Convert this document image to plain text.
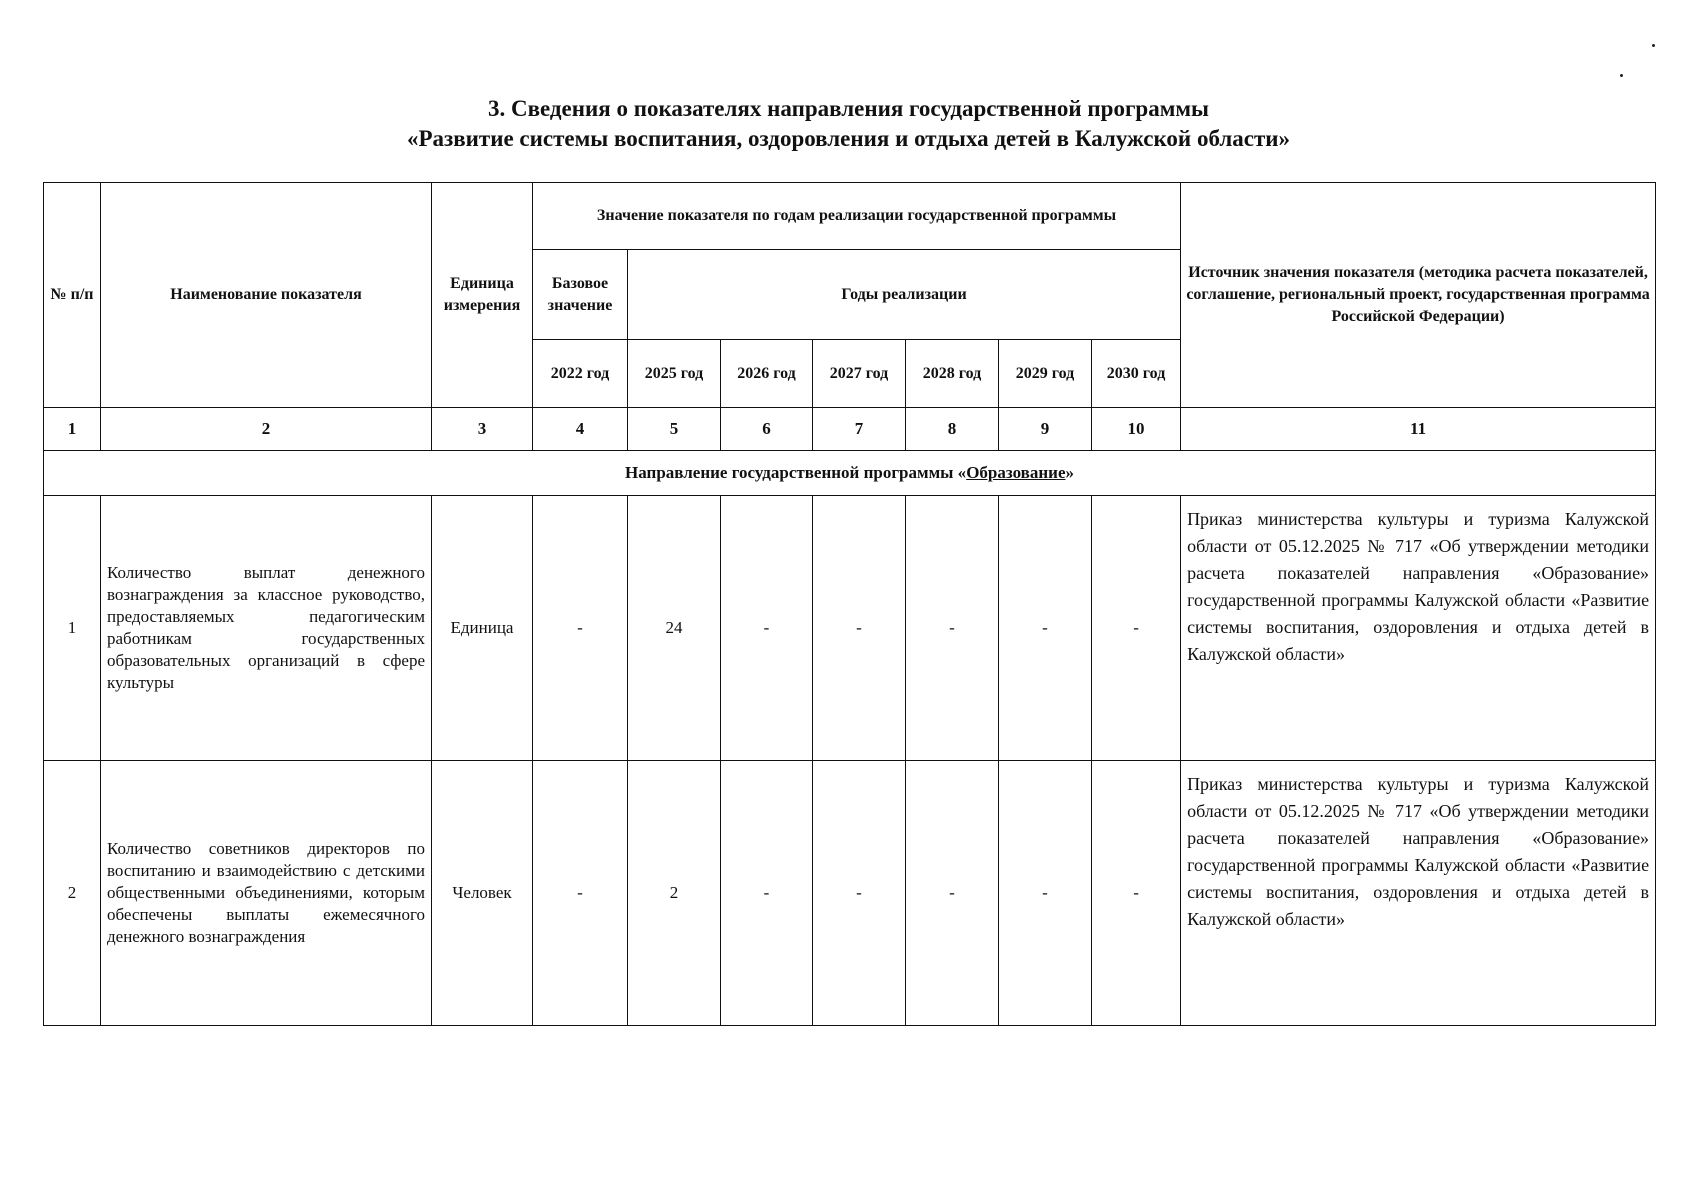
3. Сведения о показателях направления государственной программы
«Развитие системы воспитания, оздоровления и отдыха детей в Калужской области»
№ п/п	Наименование показателя	Единица измерения	Значение показателя по годам реализации государственной программы							Источник значения показателя (методика расчета показателей, соглашение, региональный проект, государственная программа Российской Федерации)
			Базовое значение	Годы реализации						
			2022 год	2025 год	2026 год	2027 год	2028 год	2029 год	2030 год	
1	2	3	4	5	6	7	8	9	10	11
Направление государственной программы «Образование»										
1	Количество выплат денежного вознаграждения за классное руководство, предоставляемых педагогическим работникам государственных образовательных организаций в сфере культуры	Единица	-	24	-	-	-	-	-	Приказ министерства культуры и туризма Калужской области от 05.12.2025 № 717 «Об утверждении методики расчета показателей направления «Образование» государственной программы Калужской области «Развитие системы воспитания, оздоровления и отдыха детей в Калужской области»
2	Количество советников директоров по воспитанию и взаимодействию с детскими общественными объединениями, которым обеспечены выплаты ежемесячного денежного вознаграждения	Человек	-	2	-	-	-	-	-	Приказ министерства культуры и туризма Калужской области от 05.12.2025 № 717 «Об утверждении методики расчета показателей направления «Образование» государственной программы Калужской области «Развитие системы воспитания, оздоровления и отдыха детей в Калужской области»
